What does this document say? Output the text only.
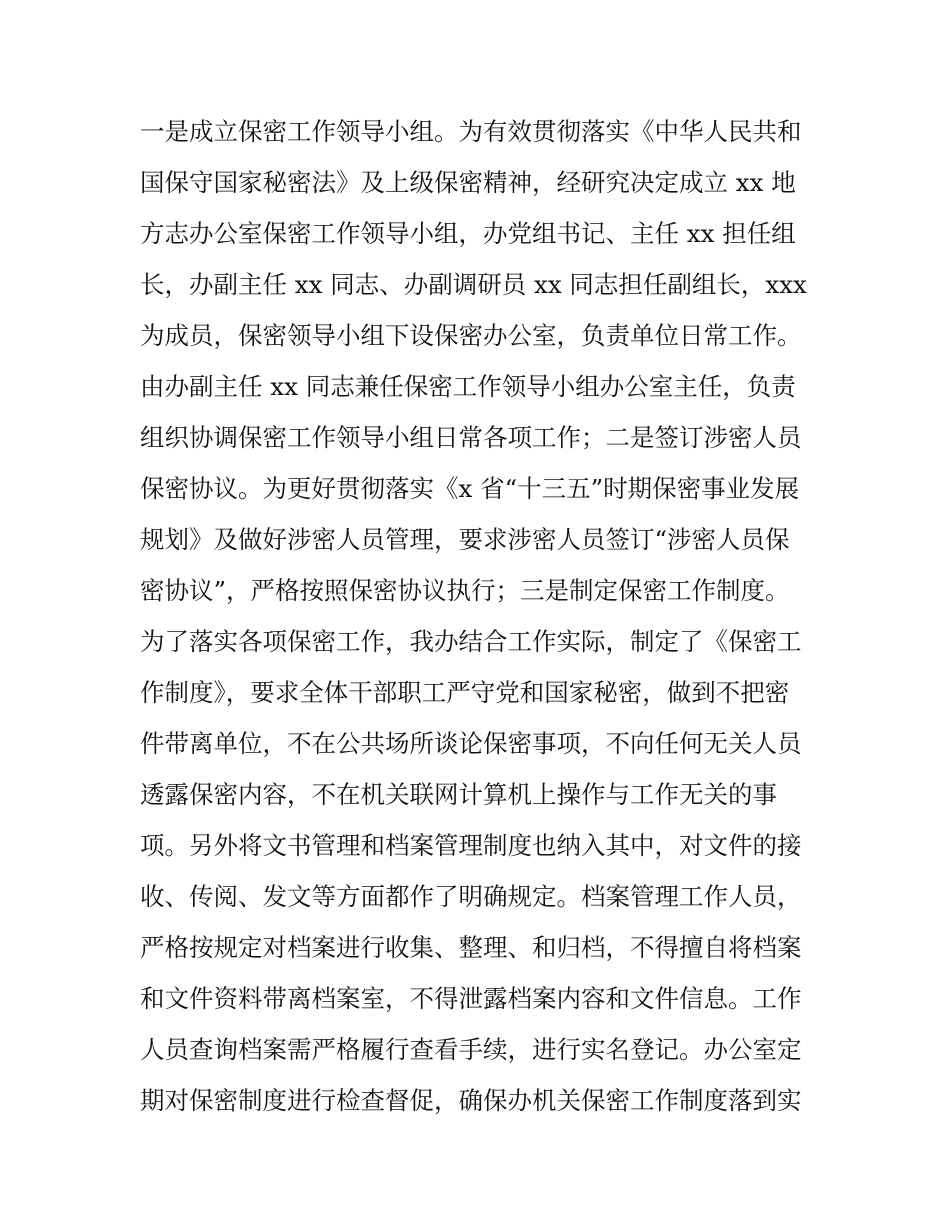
一是成立保密工作领导小组。为有效贯彻落实《中华人民共和
国保守国家秘密法》及上级保密精神，经研究决定成立 xx 地
方志办公室保密工作领导小组，办党组书记、主任 xx 担任组
长，办副主任 xx 同志、办副调研员 xx 同志担任副组长，xxx
为成员，保密领导小组下设保密办公室，负责单位日常工作。
由办副主任 xx 同志兼任保密工作领导小组办公室主任，负责
组织协调保密工作领导小组日常各项工作；二是签订涉密人员
保密协议。为更好贯彻落实《x 省“十三五”时期保密事业发展
规划》及做好涉密人员管理，要求涉密人员签订“涉密人员保
密协议”，严格按照保密协议执行；三是制定保密工作制度。
为了落实各项保密工作，我办结合工作实际，制定了《保密工
作制度》，要求全体干部职工严守党和国家秘密，做到不把密
件带离单位，不在公共场所谈论保密事项，不向任何无关人员
透露保密内容，不在机关联网计算机上操作与工作无关的事
项。另外将文书管理和档案管理制度也纳入其中，对文件的接
收、传阅、发文等方面都作了明确规定。档案管理工作人员，
严格按规定对档案进行收集、整理、和归档，不得擅自将档案
和文件资料带离档案室，不得泄露档案内容和文件信息。工作
人员查询档案需严格履行查看手续，进行实名登记。办公室定
期对保密制度进行检查督促，确保办机关保密工作制度落到实
